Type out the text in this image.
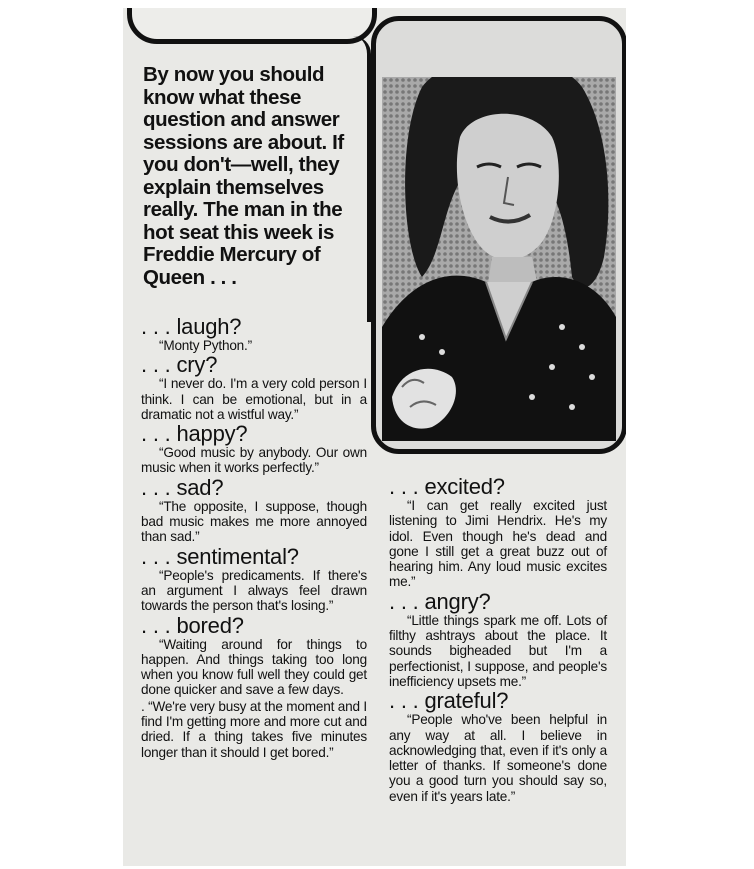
By now you should know what these question and answer sessions are about. If you don't—well, they explain themselves really. The man in the hot seat this week is Freddie Mercury of Queen . . .
. . . laugh?
“Monty Python.”
. . . cry?
“I never do. I'm a very cold person I think. I can be emotional, but in a dramatic not a wistful way.”
. . . happy?
“Good music by anybody. Our own music when it works perfectly.”
. . . sad?
“The opposite, I suppose, though bad music makes me more annoyed than sad.”
. . . sentimental?
“People's predicaments. If there's an argument I always feel drawn towards the person that's losing.”
. . . bored?
“Waiting around for things to happen. And things taking too long when you know full well they could get done quicker and save a few days.
. “We're very busy at the moment and I find I'm getting more and more cut and dried. If a thing takes five minutes longer than it should I get bored.”
. . . excited?
“I can get really excited just listening to Jimi Hendrix. He's my idol. Even though he's dead and gone I still get a great buzz out of hearing him. Any loud music excites me.”
. . . angry?
“Little things spark me off. Lots of filthy ashtrays about the place. It sounds bigheaded but I'm a perfectionist, I suppose, and people's inefficiency upsets me.”
. . . grateful?
“People who've been helpful in any way at all. I believe in acknowledging that, even if it's only a letter of thanks. If someone's done you a good turn you should say so, even if it's years late.”
